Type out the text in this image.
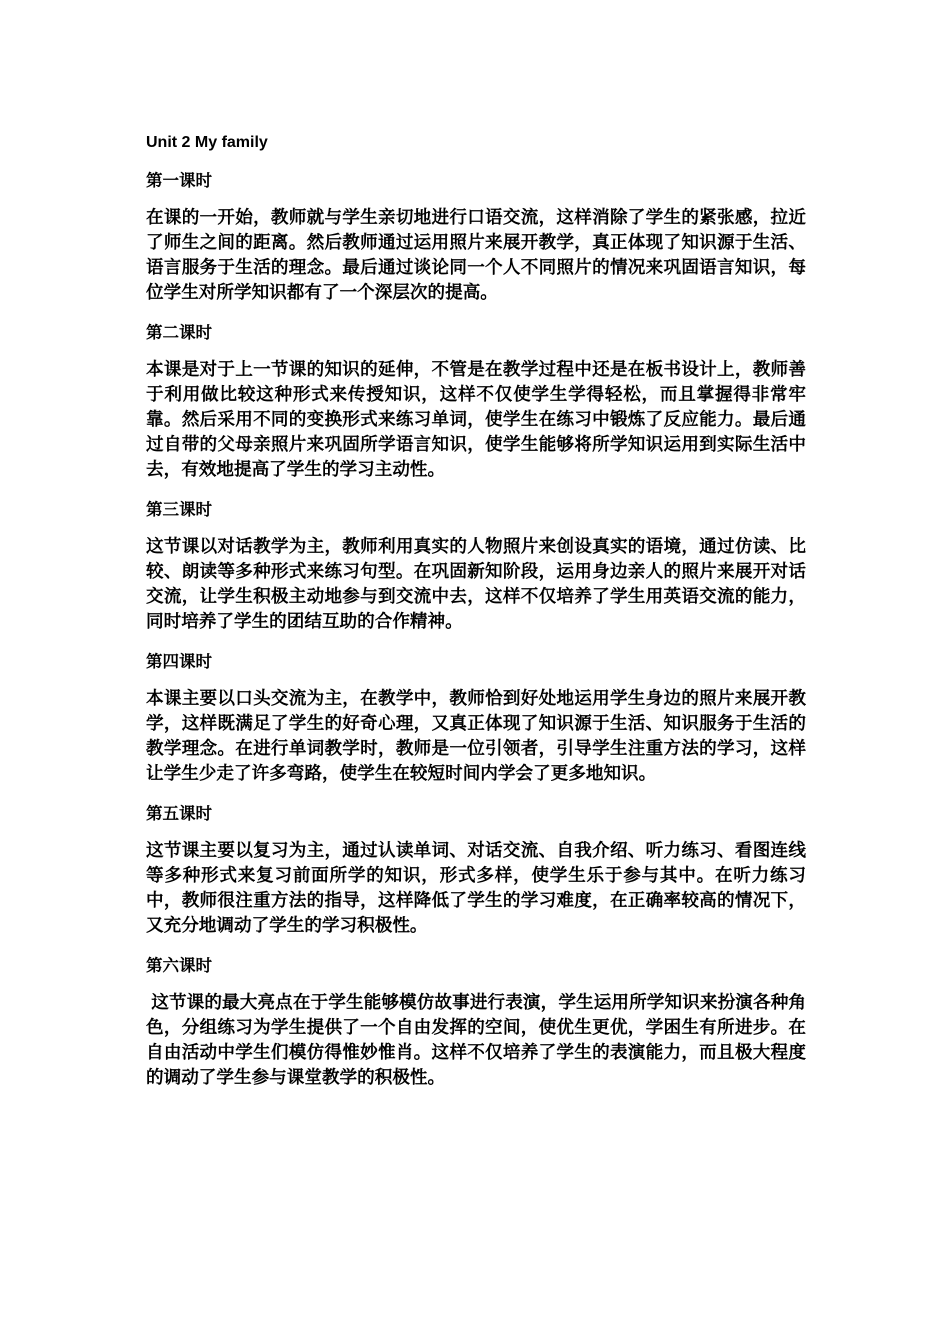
Unit 2 My family
第一课时
在课的一开始，教师就与学生亲切地进行口语交流，这样消除了学生的紧张感，拉近了师生之间的距离。然后教师通过运用照片来展开教学，真正体现了知识源于生活、语言服务于生活的理念。最后通过谈论同一个人不同照片的情况来巩固语言知识，每位学生对所学知识都有了一个深层次的提高。
第二课时
本课是对于上一节课的知识的延伸，不管是在教学过程中还是在板书设计上，教师善于利用做比较这种形式来传授知识，这样不仅使学生学得轻松，而且掌握得非常牢靠。然后采用不同的变换形式来练习单词，使学生在练习中锻炼了反应能力。最后通过自带的父母亲照片来巩固所学语言知识，使学生能够将所学知识运用到实际生活中去，有效地提高了学生的学习主动性。
第三课时
这节课以对话教学为主，教师利用真实的人物照片来创设真实的语境，通过仿读、比较、朗读等多种形式来练习句型。在巩固新知阶段，运用身边亲人的照片来展开对话交流，让学生积极主动地参与到交流中去，这样不仅培养了学生用英语交流的能力，同时培养了学生的团结互助的合作精神。
第四课时
本课主要以口头交流为主，在教学中，教师恰到好处地运用学生身边的照片来展开教学，这样既满足了学生的好奇心理，又真正体现了知识源于生活、知识服务于生活的教学理念。在进行单词教学时，教师是一位引领者，引导学生注重方法的学习，这样让学生少走了许多弯路，使学生在较短时间内学会了更多地知识。
第五课时
这节课主要以复习为主，通过认读单词、对话交流、自我介绍、听力练习、看图连线等多种形式来复习前面所学的知识，形式多样，使学生乐于参与其中。在听力练习中，教师很注重方法的指导，这样降低了学生的学习难度，在正确率较高的情况下，又充分地调动了学生的学习积极性。
第六课时
这节课的最大亮点在于学生能够模仿故事进行表演，学生运用所学知识来扮演各种角色，分组练习为学生提供了一个自由发挥的空间，使优生更优，学困生有所进步。在自由活动中学生们模仿得惟妙惟肖。这样不仅培养了学生的表演能力，而且极大程度的调动了学生参与课堂教学的积极性。
